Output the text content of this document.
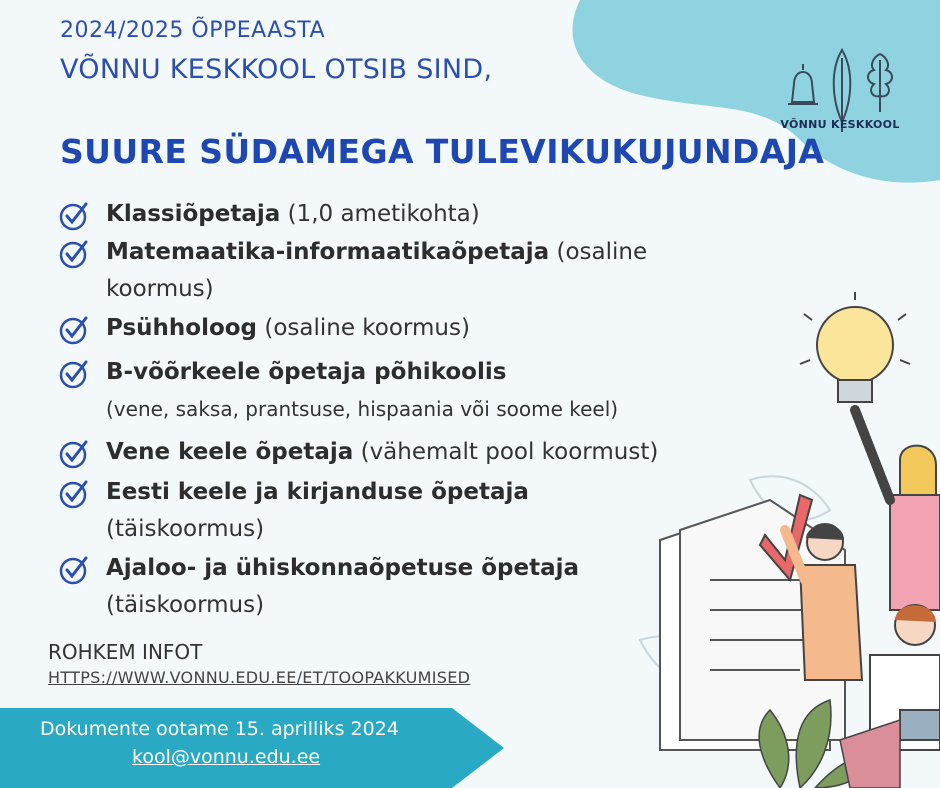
2024/2025 ÕPPEAASTA
VÕNNU KESKKOOL OTSIB SIND,
SUURE SÜDAMEGA TULEVIKUKUJUNDAJA
VÕNNU KESKKOOL
Klassiõpetaja (1,0 ametikohta)
Matemaatika-informaatikaõpetaja (osaline koormus)
Psühholoog (osaline koormus)
B-võõrkeele õpetaja põhikoolis
(vene, saksa, prantsuse, hispaania või soome keel)
Vene keele õpetaja (vähemalt pool koormust)
Eesti keele ja kirjanduse õpetaja
(täiskoormus)
Ajaloo- ja ühiskonnaõpetuse õpetaja
(täiskoormus)
ROHKEM INFOT
HTTPS://WWW.VONNU.EDU.EE/ET/TOOPAKKUMISED
Dokumente ootame 15. aprilliks 2024
kool@vonnu.edu.ee
